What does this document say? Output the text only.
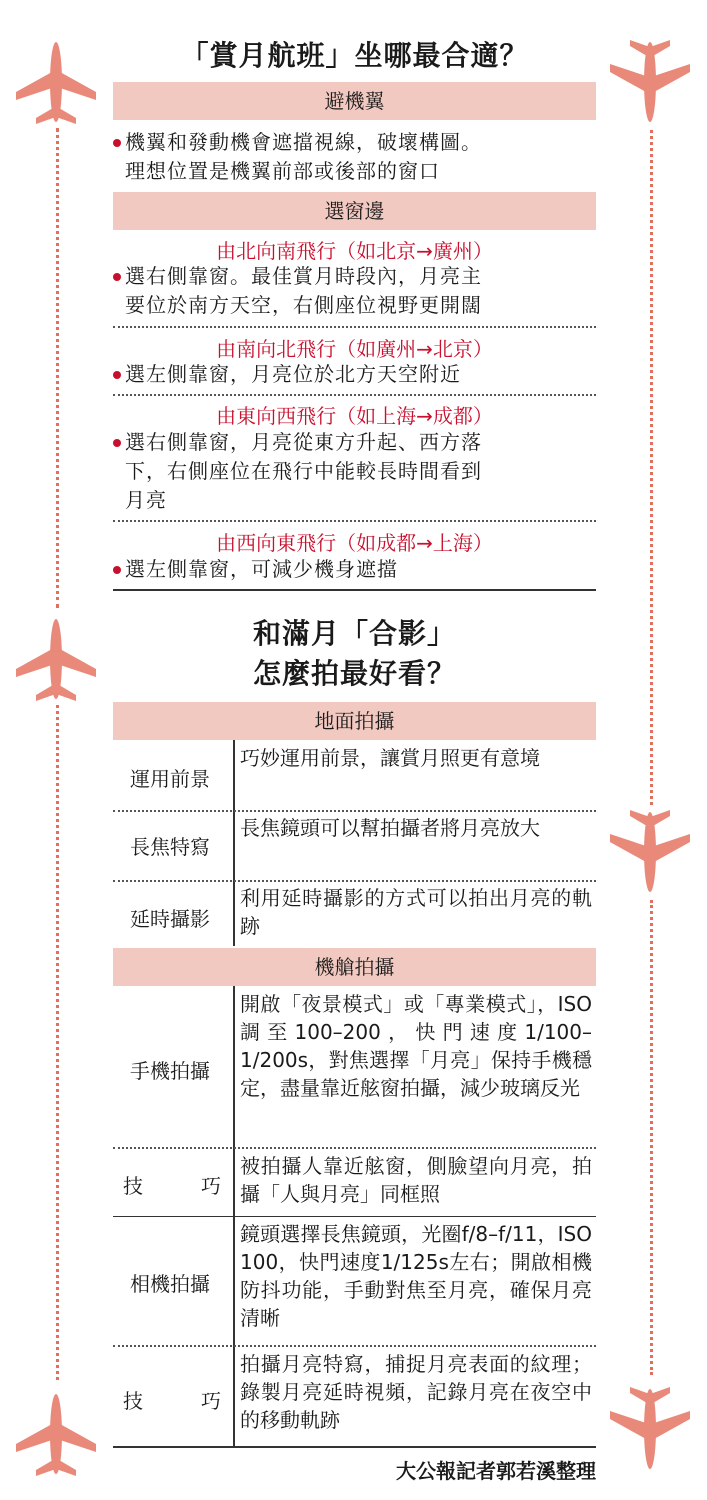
「賞月航班」坐哪最合適？
避機翼
機翼和發動機會遮擋視線，破壞構圖。
理想位置是機翼前部或後部的窗口
選窗邊
由北向南飛行（如北京→廣州）
選右側靠窗。最佳賞月時段內，月亮主
要位於南方天空，右側座位視野更開闊
由南向北飛行（如廣州→北京）
選左側靠窗，月亮位於北方天空附近
由東向西飛行（如上海→成都）
選右側靠窗，月亮從東方升起、西方落
下，右側座位在飛行中能較長時間看到
月亮
由西向東飛行（如成都→上海）
選左側靠窗，可減少機身遮擋
和滿月「合影」
怎麼拍最好看？
地面拍攝
運用前景
巧妙運用前景，讓賞月照更有意境
長焦特寫
長焦鏡頭可以幫拍攝者將月亮放大
延時攝影
利用延時攝影的方式可以拍出月亮的軌跡
機艙拍攝
手機拍攝
開啟「夜景模式」或「專業模式」，ISO調至100–200，快門速度1/100–1/200s，對焦選擇「月亮」保持手機穩定，盡量靠近舷窗拍攝，減少玻璃反光
技巧
被拍攝人靠近舷窗，側臉望向月亮，拍攝「人與月亮」同框照
相機拍攝
鏡頭選擇長焦鏡頭，光圈f/8–f/11，ISO 100，快門速度1/125s左右；開啟相機防抖功能，手動對焦至月亮，確保月亮清晰
技巧
拍攝月亮特寫，捕捉月亮表面的紋理；錄製月亮延時視頻，記錄月亮在夜空中的移動軌跡
大公報記者郭若溪整理
